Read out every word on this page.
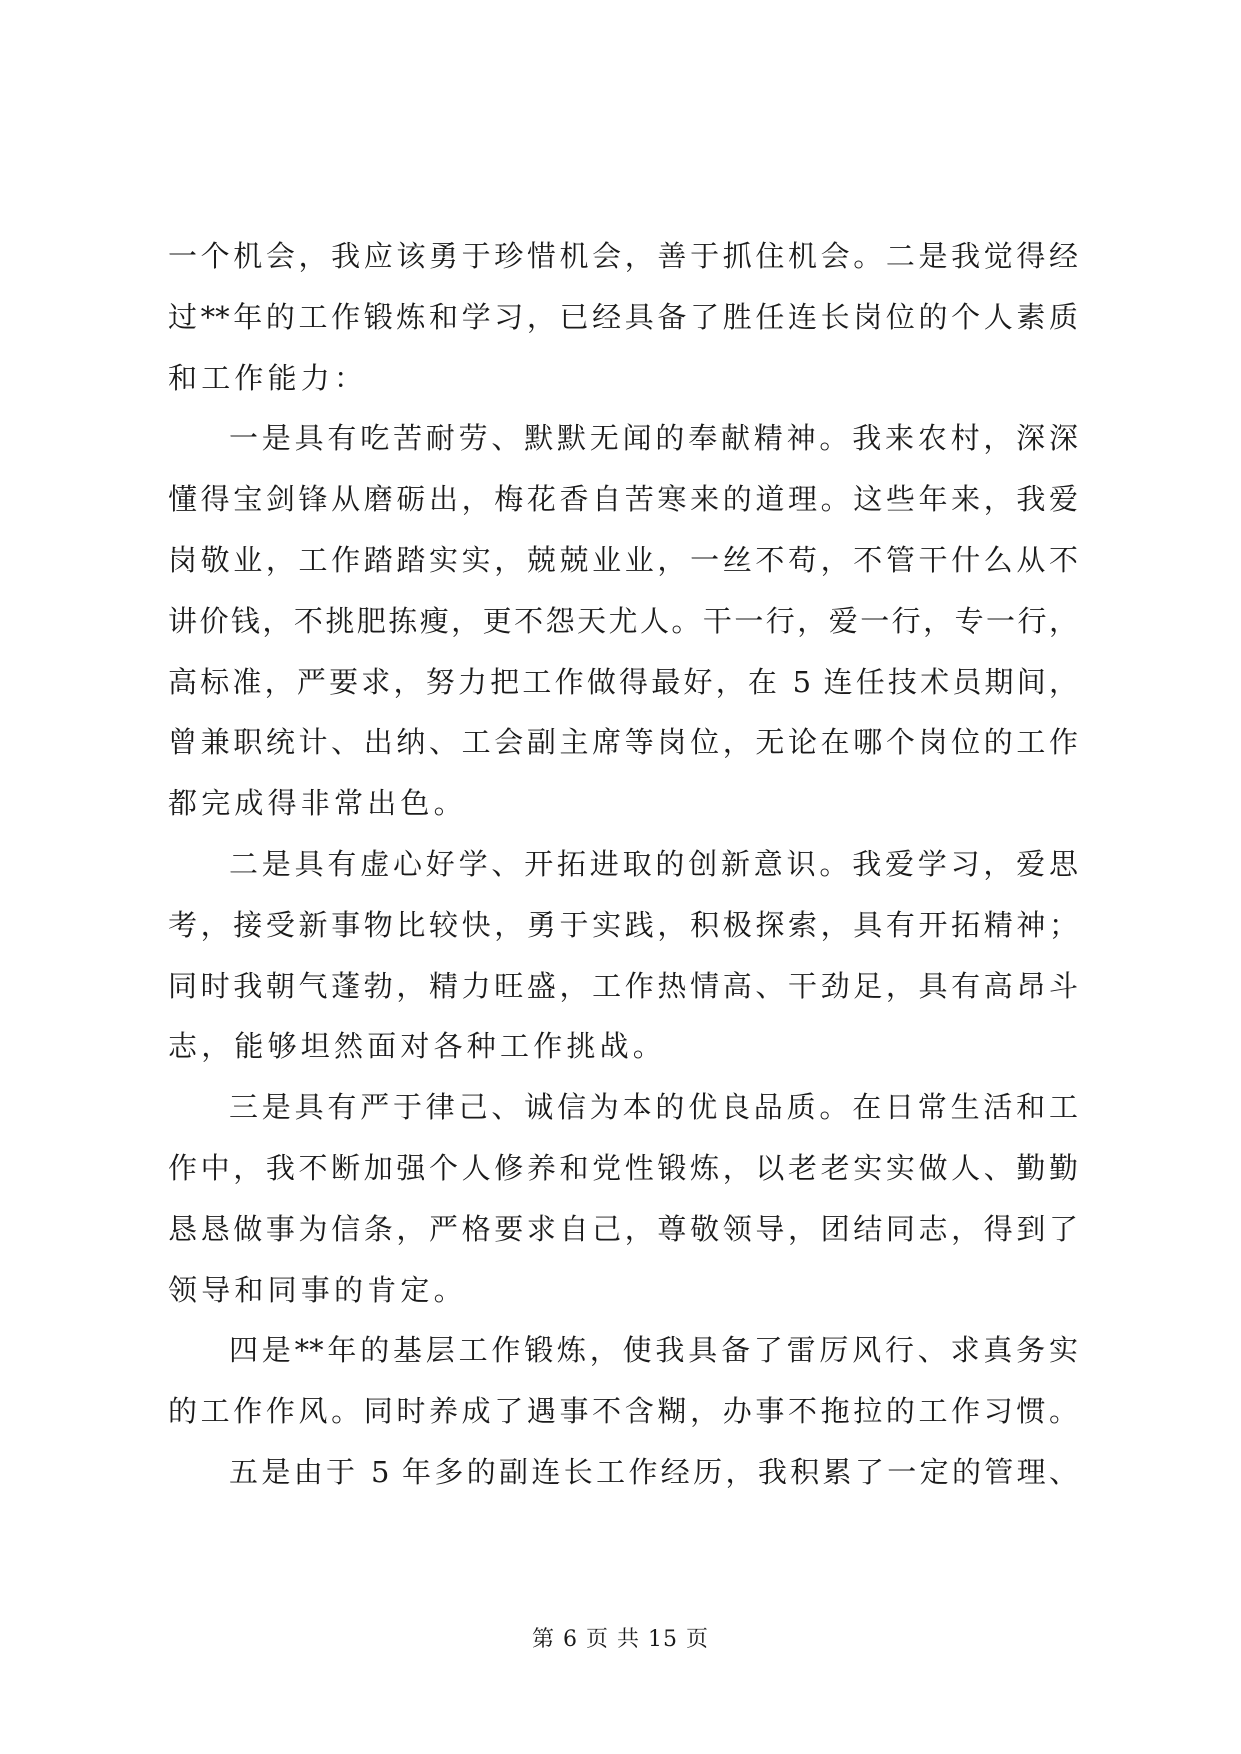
一个机会，我应该勇于珍惜机会，善于抓住机会。二是我觉得经
过**年的工作锻炼和学习，已经具备了胜任连长岗位的个人素质
和工作能力：
一是具有吃苦耐劳、默默无闻的奉献精神。我来农村，深深
懂得宝剑锋从磨砺出，梅花香自苦寒来的道理。这些年来，我爱
岗敬业，工作踏踏实实，兢兢业业，一丝不苟，不管干什么从不
讲价钱，不挑肥拣瘦，更不怨天尤人。干一行，爱一行，专一行，
高标准，严要求，努力把工作做得最好，在 5 连任技术员期间，
曾兼职统计、出纳、工会副主席等岗位，无论在哪个岗位的工作
都完成得非常出色。
二是具有虚心好学、开拓进取的创新意识。我爱学习，爱思
考，接受新事物比较快，勇于实践，积极探索，具有开拓精神；
同时我朝气蓬勃，精力旺盛，工作热情高、干劲足，具有高昂斗
志，能够坦然面对各种工作挑战。
三是具有严于律己、诚信为本的优良品质。在日常生活和工
作中，我不断加强个人修养和党性锻炼，以老老实实做人、勤勤
恳恳做事为信条，严格要求自己，尊敬领导，团结同志，得到了
领导和同事的肯定。
四是**年的基层工作锻炼，使我具备了雷厉风行、求真务实
的工作作风。同时养成了遇事不含糊，办事不拖拉的工作习惯。
五是由于 5 年多的副连长工作经历，我积累了一定的管理、
第 6 页 共 15 页
